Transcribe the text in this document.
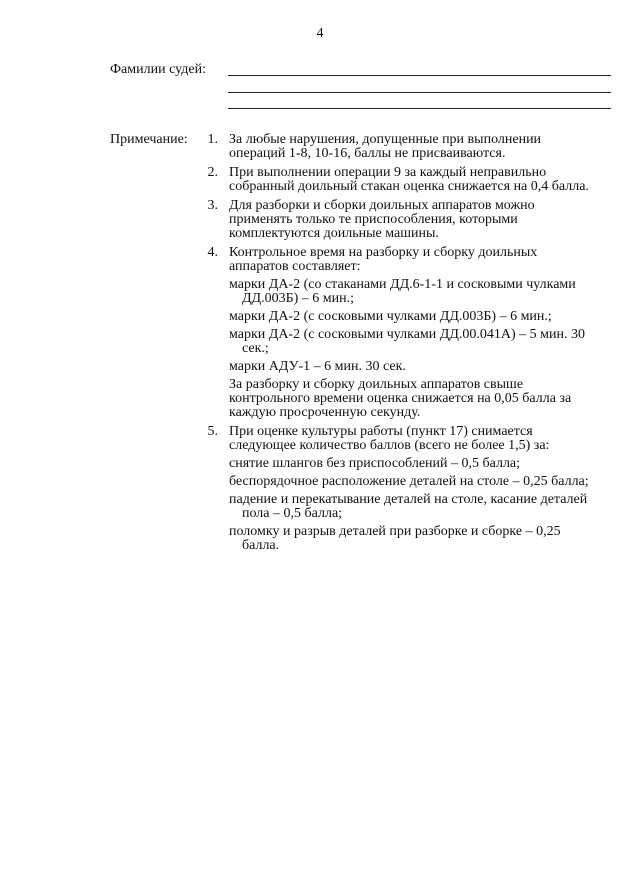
4
Фамилии судей:
Примечание:	1. За любые нарушения, допущенные при выполнении операций 1-8, 10-16, баллы не присваиваются.
2. При выполнении операции 9 за каждый неправильно собранный доильный стакан оценка снижается на 0,4 балла.
3. Для разборки и сборки доильных аппаратов можно применять только те приспособления, которыми комплектуются доильные машины.
4. Контрольное время на разборку и сборку доильных аппаратов составляет:
марки ДА-2 (со стаканами ДД.6-1-1 и сосковыми чулками ДД.003Б) – 6 мин.;
марки ДА-2 (с сосковыми чулками ДД.003Б) – 6 мин.;
марки ДА-2 (с сосковыми чулками ДД.00.041А) – 5 мин. 30 сек.;
марки АДУ-1 – 6 мин. 30 сек.
За разборку и сборку доильных аппаратов свыше контрольного времени оценка снижается на 0,05 балла за каждую просроченную секунду.
5. При оценке культуры работы (пункт 17) снимается следующее количество баллов (всего не более 1,5) за:
снятие шлангов без приспособлений – 0,5 балла;
беспорядочное расположение деталей на столе – 0,25 балла;
падение и перекатывание деталей на столе, касание деталей пола – 0,5 балла;
поломку и разрыв деталей при разборке и сборке – 0,25 балла.
